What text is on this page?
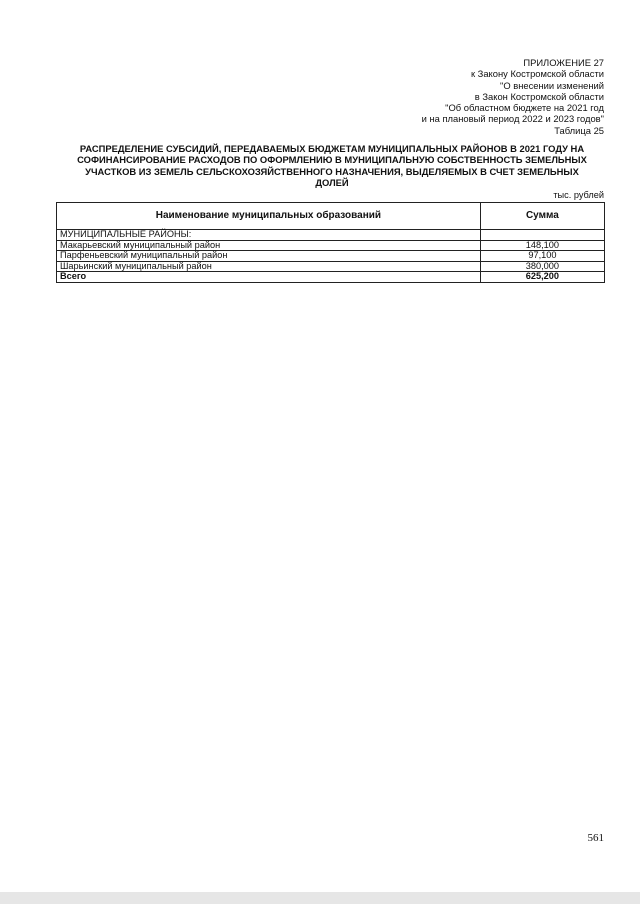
ПРИЛОЖЕНИЕ 27
к Закону Костромской области
"О внесении изменений
в Закон Костромской области
"Об областном бюджете на 2021 год
и на плановый период 2022 и 2023 годов"
Таблица 25
РАСПРЕДЕЛЕНИЕ СУБСИДИЙ, ПЕРЕДАВАЕМЫХ БЮДЖЕТАМ МУНИЦИПАЛЬНЫХ РАЙОНОВ В 2021 ГОДУ НА
СОФИНАНСИРОВАНИЕ РАСХОДОВ ПО ОФОРМЛЕНИЮ В МУНИЦИПАЛЬНУЮ СОБСТВЕННОСТЬ ЗЕМЕЛЬНЫХ
УЧАСТКОВ ИЗ ЗЕМЕЛЬ СЕЛЬСКОХОЗЯЙСТВЕННОГО НАЗНАЧЕНИЯ, ВЫДЕЛЯЕМЫХ В СЧЕТ ЗЕМЕЛЬНЫХ
ДОЛЕЙ
тыс. рублей
Наименование муниципальных образований	Сумма
МУНИЦИПАЛЬНЫЕ РАЙОНЫ:	
Макарьевский муниципальный район	148,100
Парфеньевский муниципальный район	97,100
Шарьинский муниципальный район	380,000
Всего	625,200
561
